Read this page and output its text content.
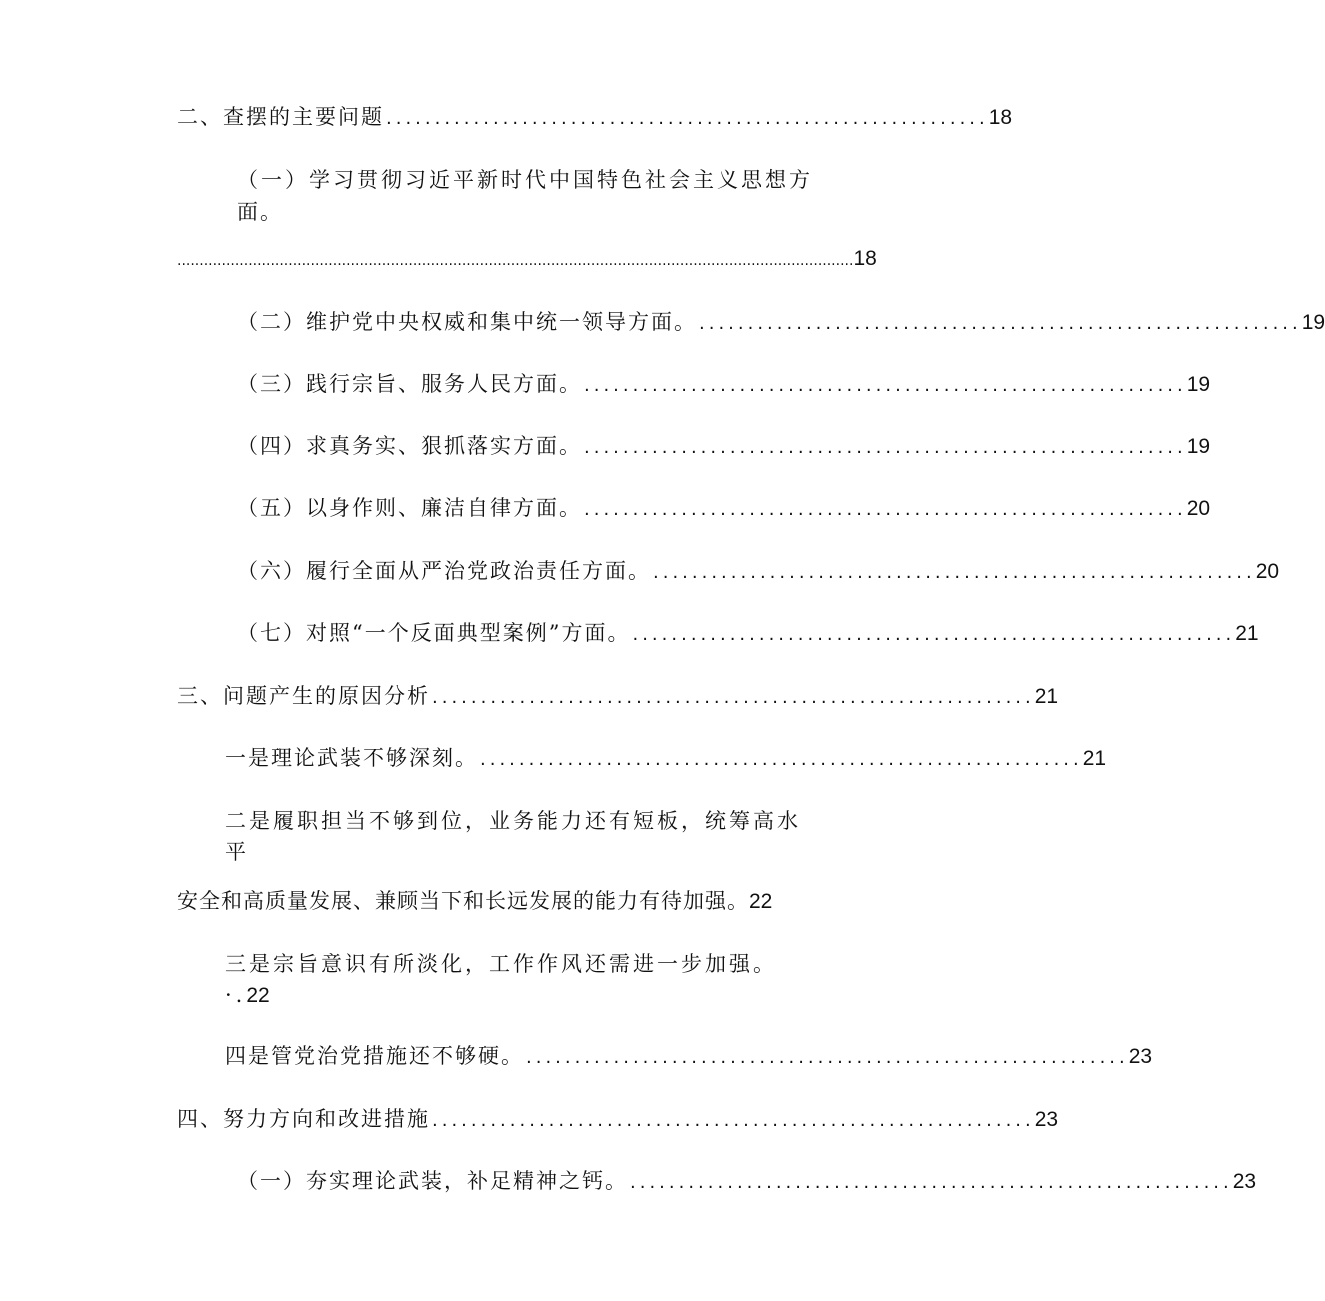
二、查摆的主要问题 .............................................................. 18
（一）学习贯彻习近平新时代中国特色社会主义思想方
面。
........................................................................................................................................................ 18
（二）维护党中央权威和集中统一领导方面。 .............................................................. 19
（三）践行宗旨、服务人民方面。 .............................................................. 19
（四）求真务实、狠抓落实方面。 .............................................................. 19
（五）以身作则、廉洁自律方面。 .............................................................. 20
（六）履行全面从严治党政治责任方面。 .............................................................. 20
（七）对照“一个反面典型案例”方面。 .............................................................. 21
三、问题产生的原因分析 .............................................................. 21
一是理论武装不够深刻。 .............................................................. 21
二是履职担当不够到位，业务能力还有短板，统筹高水
平
安全和高质量发展、兼顾当下和长远发展的能力有待加强。 22
三是宗旨意识有所淡化，工作作风还需进一步加强。
·. 22
四是管党治党措施还不够硬。 .............................................................. 23
四、努力方向和改进措施 .............................................................. 23
（一）夯实理论武装，补足精神之钙。 .............................................................. 23
